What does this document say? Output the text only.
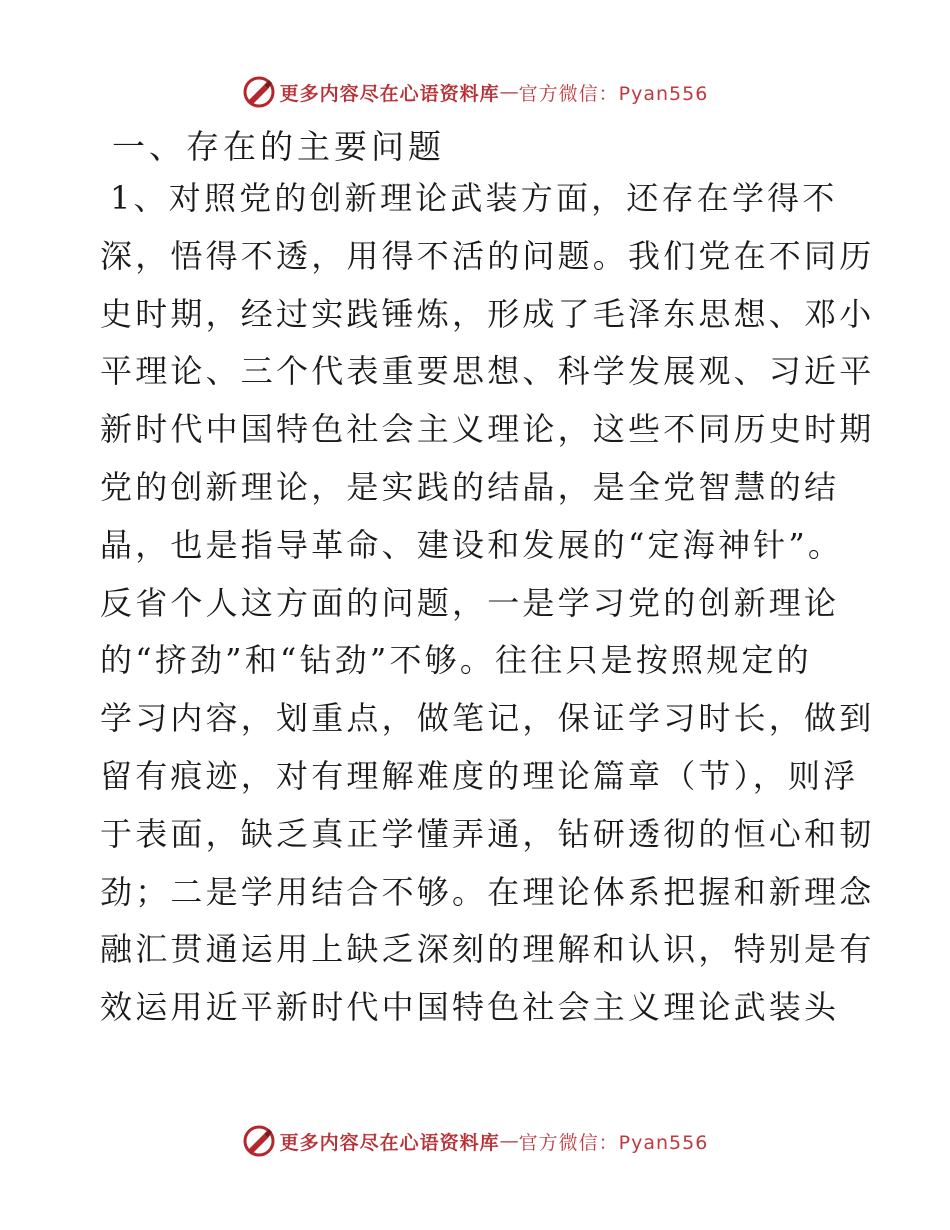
更多内容尽在心语资料库 — 官方微信：Pyan556
一、存在的主要问题
1、对照党的创新理论武装方面，还存在学得不
深，悟得不透，用得不活的问题。我们党在不同历
史时期，经过实践锤炼，形成了毛泽东思想、邓小
平理论、三个代表重要思想、科学发展观、习近平
新时代中国特色社会主义理论，这些不同历史时期
党的创新理论，是实践的结晶，是全党智慧的结
晶，也是指导革命、建设和发展的“定海神针”。
反省个人这方面的问题，一是学习党的创新理论
的“挤劲”和“钻劲”不够。往往只是按照规定的
学习内容，划重点，做笔记，保证学习时长，做到
留有痕迹，对有理解难度的理论篇章（节），则浮
于表面，缺乏真正学懂弄通，钻研透彻的恒心和韧
劲；二是学用结合不够。在理论体系把握和新理念
融汇贯通运用上缺乏深刻的理解和认识，特别是有
效运用近平新时代中国特色社会主义理论武装头
更多内容尽在心语资料库 — 官方微信：Pyan556
